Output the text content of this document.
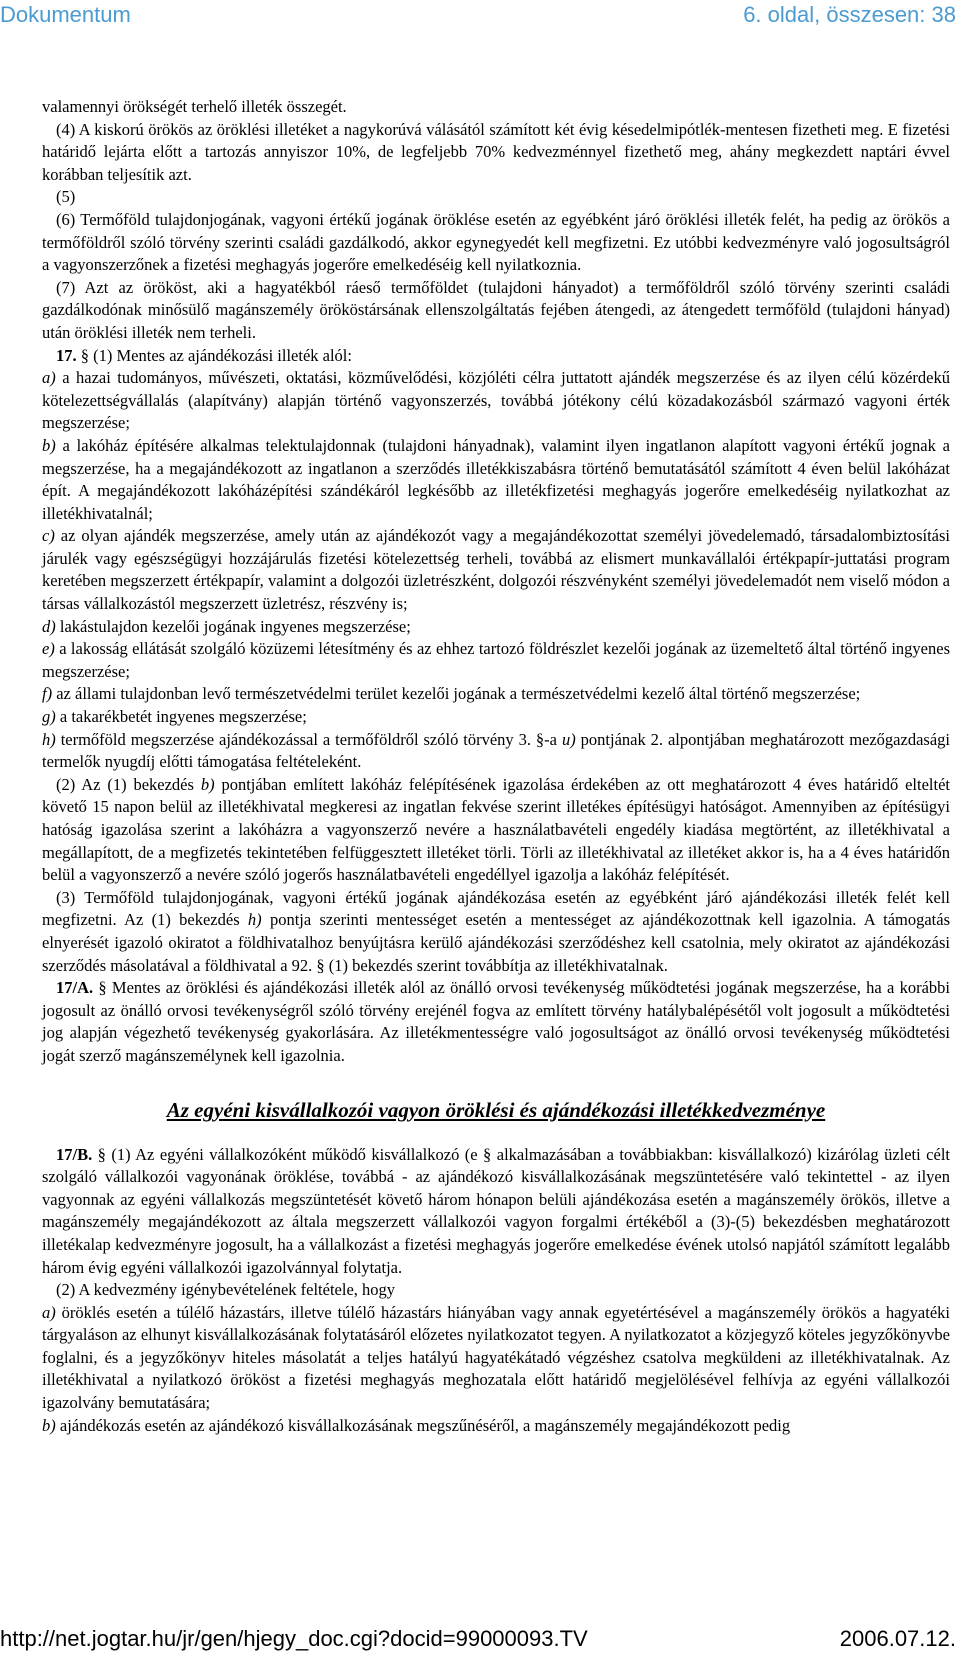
Dokumentum	6. oldal, összesen: 38

valamennyi örökségét terhelő illeték összegét.

(4) A kiskorú örökös az öröklési illetéket a nagykorúvá válásától számított két évig késedelmipótlék-mentesen fizetheti meg. E fizetési határidő lejárta előtt a tartozás annyiszor 10%, de legfeljebb 70% kedvezménnyel fizethető meg, ahány megkezdett naptári évvel korábban teljesítik azt.

(5)

(6) Termőföld tulajdonjogának, vagyoni értékű jogának öröklése esetén az egyébként járó öröklési illeték felét, ha pedig az örökös a termőföldről szóló törvény szerinti családi gazdálkodó, akkor egynegyedét kell megfizetni. Ez utóbbi kedvezményre való jogosultságról a vagyonszerzőnek a fizetési meghagyás jogerőre emelkedéséig kell nyilatkoznia.

(7) Azt az örököst, aki a hagyatékból ráeső termőföldet (tulajdoni hányadot) a termőföldről szóló törvény szerinti családi gazdálkodónak minősülő magánszemély örököstársának ellenszolgáltatás fejében átengedi, az átengedett termőföld (tulajdoni hányad) után öröklési illeték nem terheli.

17. § (1) Mentes az ajándékozási illeték alól:

a) a hazai tudományos, művészeti, oktatási, közművelődési, közjóléti célra juttatott ajándék megszerzése és az ilyen célú közérdekű kötelezettségvállalás (alapítvány) alapján történő vagyonszerzés, továbbá jótékony célú közadakozásból származó vagyoni érték megszerzése;

b) a lakóház építésére alkalmas telektulajdonnak (tulajdoni hányadnak), valamint ilyen ingatlanon alapított vagyoni értékű jognak a megszerzése, ha a megajándékozott az ingatlanon a szerződés illetékkiszabásra történő bemutatásától számított 4 éven belül lakóházat épít. A megajándékozott lakóházépítési szándékáról legkésőbb az illetékfizetési meghagyás jogerőre emelkedéséig nyilatkozhat az illetékhivatalnál;

c) az olyan ajándék megszerzése, amely után az ajándékozót vagy a megajándékozottat személyi jövedelemadó, társadalombiztosítási járulék vagy egészségügyi hozzájárulás fizetési kötelezettség terheli, továbbá az elismert munkavállalói értékpapír-juttatási program keretében megszerzett értékpapír, valamint a dolgozói üzletrészként, dolgozói részvényként személyi jövedelemadót nem viselő módon a társas vállalkozástól megszerzett üzletrész, részvény is;

d) lakástulajdon kezelői jogának ingyenes megszerzése;

e) a lakosság ellátását szolgáló közüzemi létesítmény és az ehhez tartozó földrészlet kezelői jogának az üzemeltető által történő ingyenes megszerzése;

f) az állami tulajdonban levő természetvédelmi terület kezelői jogának a természetvédelmi kezelő által történő megszerzése;

g) a takarékbetét ingyenes megszerzése;

h) termőföld megszerzése ajándékozással a termőföldről szóló törvény 3. §-a u) pontjának 2. alpontjában meghatározott mezőgazdasági termelők nyugdíj előtti támogatása feltételeként.

(2) Az (1) bekezdés b) pontjában említett lakóház felépítésének igazolása érdekében az ott meghatározott 4 éves határidő elteltét követő 15 napon belül az illetékhivatal megkeresi az ingatlan fekvése szerint illetékes építésügyi hatóságot. Amennyiben az építésügyi hatóság igazolása szerint a lakóházra a vagyonszerző nevére a használatbavételi engedély kiadása megtörtént, az illetékhivatal a megállapított, de a megfizetés tekintetében felfüggesztett illetéket törli. Törli az illetékhivatal az illetéket akkor is, ha a 4 éves határidőn belül a vagyonszerző a nevére szóló jogerős használatbavételi engedéllyel igazolja a lakóház felépítését.

(3) Termőföld tulajdonjogának, vagyoni értékű jogának ajándékozása esetén az egyébként járó ajándékozási illeték felét kell megfizetni. Az (1) bekezdés h) pontja szerinti mentességet esetén a mentességet az ajándékozottnak kell igazolnia. A támogatás elnyerését igazoló okiratot a földhivatalhoz benyújtásra kerülő ajándékozási szerződéshez kell csatolnia, mely okiratot az ajándékozási szerződés másolatával a földhivatal a 92. § (1) bekezdés szerint továbbítja az illetékhivatalnak.

17/A. § Mentes az öröklési és ajándékozási illeték alól az önálló orvosi tevékenység működtetési jogának megszerzése, ha a korábbi jogosult az önálló orvosi tevékenységről szóló törvény erejénél fogva az említett törvény hatálybalépésétől volt jogosult a működtetési jog alapján végezhető tevékenység gyakorlására. Az illetékmentességre való jogosultságot az önálló orvosi tevékenység működtetési jogát szerző magánszemélynek kell igazolnia.

Az egyéni kisvállalkozói vagyon öröklési és ajándékozási illetékkedvezménye

17/B. § (1) Az egyéni vállalkozóként működő kisvállalkozó (e § alkalmazásában a továbbiakban: kisvállalkozó) kizárólag üzleti célt szolgáló vállalkozói vagyonának öröklése, továbbá - az ajándékozó kisvállalkozásának megszüntetésére való tekintettel - az ilyen vagyonnak az egyéni vállalkozás megszüntetését követő három hónapon belüli ajándékozása esetén a magánszemély örökös, illetve a magánszemély megajándékozott az általa megszerzett vállalkozói vagyon forgalmi értékéből a (3)-(5) bekezdésben meghatározott illetékalap kedvezményre jogosult, ha a vállalkozást a fizetési meghagyás jogerőre emelkedése évének utolsó napjától számított legalább három évig egyéni vállalkozói igazolvánnyal folytatja.

(2) A kedvezmény igénybevételének feltétele, hogy

a) öröklés esetén a túlélő házastárs, illetve túlélő házastárs hiányában vagy annak egyetértésével a magánszemély örökös a hagyatéki tárgyaláson az elhunyt kisvállalkozásának folytatásáról előzetes nyilatkozatot tegyen. A nyilatkozatot a közjegyző köteles jegyzőkönyvbe foglalni, és a jegyzőkönyv hiteles másolatát a teljes hatályú hagyatékátadó végzéshez csatolva megküldeni az illetékhivatalnak. Az illetékhivatal a nyilatkozó örököst a fizetési meghagyás meghozatala előtt határidő megjelölésével felhívja az egyéni vállalkozói igazolvány bemutatására;

b) ajándékozás esetén az ajándékozó kisvállalkozásának megszűnéséről, a magánszemély megajándékozott pedig

http://net.jogtar.hu/jr/gen/hjegy_doc.cgi?docid=99000093.TV	2006.07.12.
